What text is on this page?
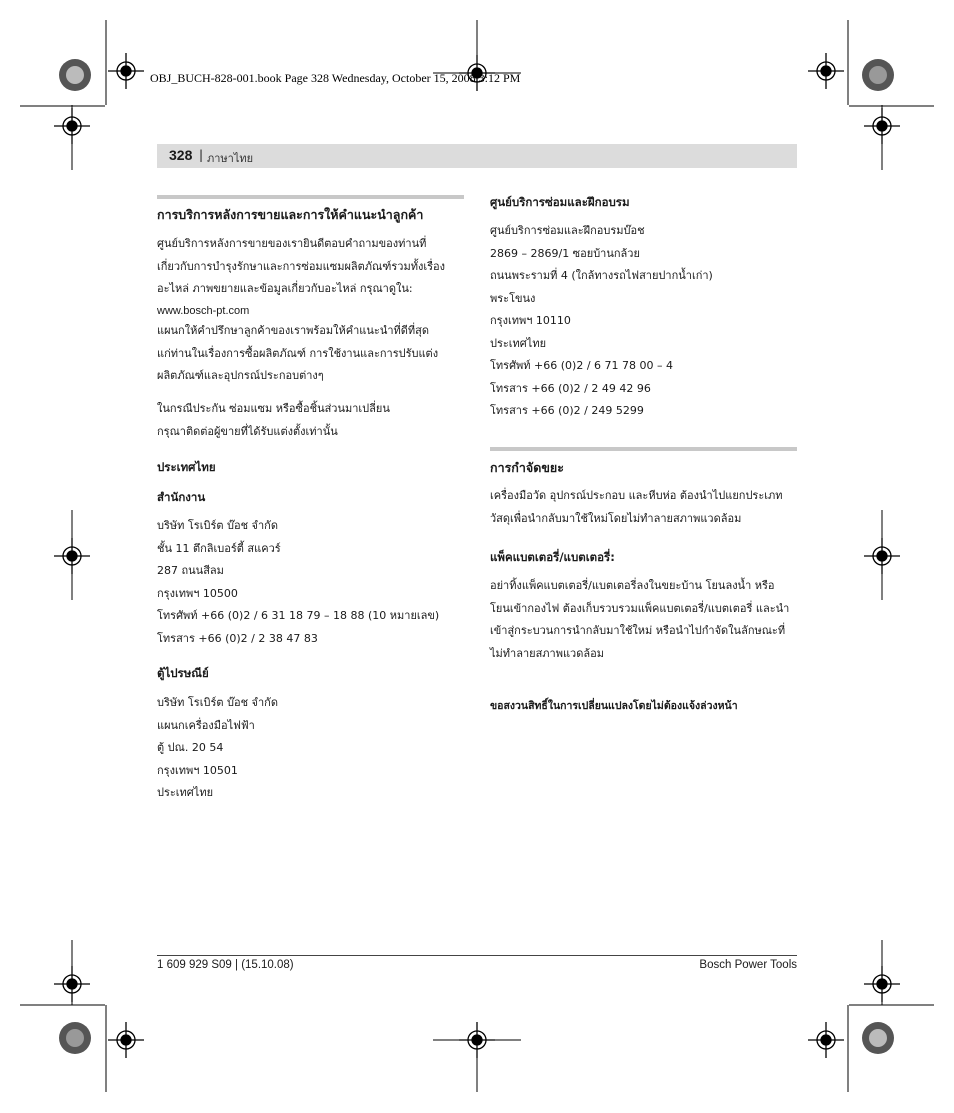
OBJ_BUCH-828-001.book Page 328 Wednesday, October 15, 2008 3:12 PM
328 | ภาษาไทย
การบริการหลังการขายและการให้คำแนะนำลูกค้า
ศูนย์บริการหลังการขายของเรายินดีตอบคำถามของท่านที่
เกี่ยวกับการบำรุงรักษาและการซ่อมแซมผลิตภัณฑ์รวมทั้งเรื่อง
อะไหล่ ภาพขยายและข้อมูลเกี่ยวกับอะไหล่ กรุณาดูใน:
www.bosch-pt.com
แผนกให้คำปรึกษาลูกค้าของเราพร้อมให้คำแนะนำที่ดีที่สุด
แก่ท่านในเรื่องการซื้อผลิตภัณฑ์ การใช้งานและการปรับแต่ง
ผลิตภัณฑ์และอุปกรณ์ประกอบต่างๆ
ในกรณีประกัน ซ่อมแซม หรือซื้อชิ้นส่วนมาเปลี่ยน
กรุณาติดต่อผู้ขายที่ได้รับแต่งตั้งเท่านั้น
ประเทศไทย
สำนักงาน
บริษัท โรเบิร์ต บ๊อช จำกัด
ชั้น 11 ตึกลิเบอร์ตี้ สแควร์
287 ถนนสีลม
กรุงเทพฯ 10500
โทรศัพท์ +66 (0)2 / 6 31 18 79 – 18 88 (10 หมายเลข)
โทรสาร +66 (0)2 / 2 38 47 83
ตู้ไปรษณีย์
บริษัท โรเบิร์ต บ๊อช จำกัด
แผนกเครื่องมือไฟฟ้า
ตู้ ปณ. 20 54
กรุงเทพฯ 10501
ประเทศไทย
ศูนย์บริการซ่อมและฝึกอบรม
ศูนย์บริการซ่อมและฝึกอบรมบ๊อช
2869 – 2869/1 ซอยบ้านกล้วย
ถนนพระรามที่ 4 (ใกล้ทางรถไฟสายปากน้ำเก่า)
พระโขนง
กรุงเทพฯ 10110
ประเทศไทย
โทรศัพท์ +66 (0)2 / 6 71 78 00 – 4
โทรสาร +66 (0)2 / 2 49 42 96
โทรสาร +66 (0)2 / 249 5299
การกำจัดขยะ
เครื่องมือวัด อุปกรณ์ประกอบ และหีบห่อ ต้องนำไปแยกประเภท
วัสดุเพื่อนำกลับมาใช้ใหม่โดยไม่ทำลายสภาพแวดล้อม
แพ็คแบตเตอรี่/แบตเตอรี่:
อย่าทิ้งแพ็คแบตเตอรี่/แบตเตอรี่ลงในขยะบ้าน โยนลงน้ำ หรือ
โยนเข้ากองไฟ ต้องเก็บรวบรวมแพ็คแบตเตอรี่/แบตเตอรี่ และนำ
เข้าสู่กระบวนการนำกลับมาใช้ใหม่ หรือนำไปกำจัดในลักษณะที่
ไม่ทำลายสภาพแวดล้อม
ขอสงวนสิทธิ์ในการเปลี่ยนแปลงโดยไม่ต้องแจ้งล่วงหน้า
1 609 929 S09 | (15.10.08)	Bosch Power Tools
